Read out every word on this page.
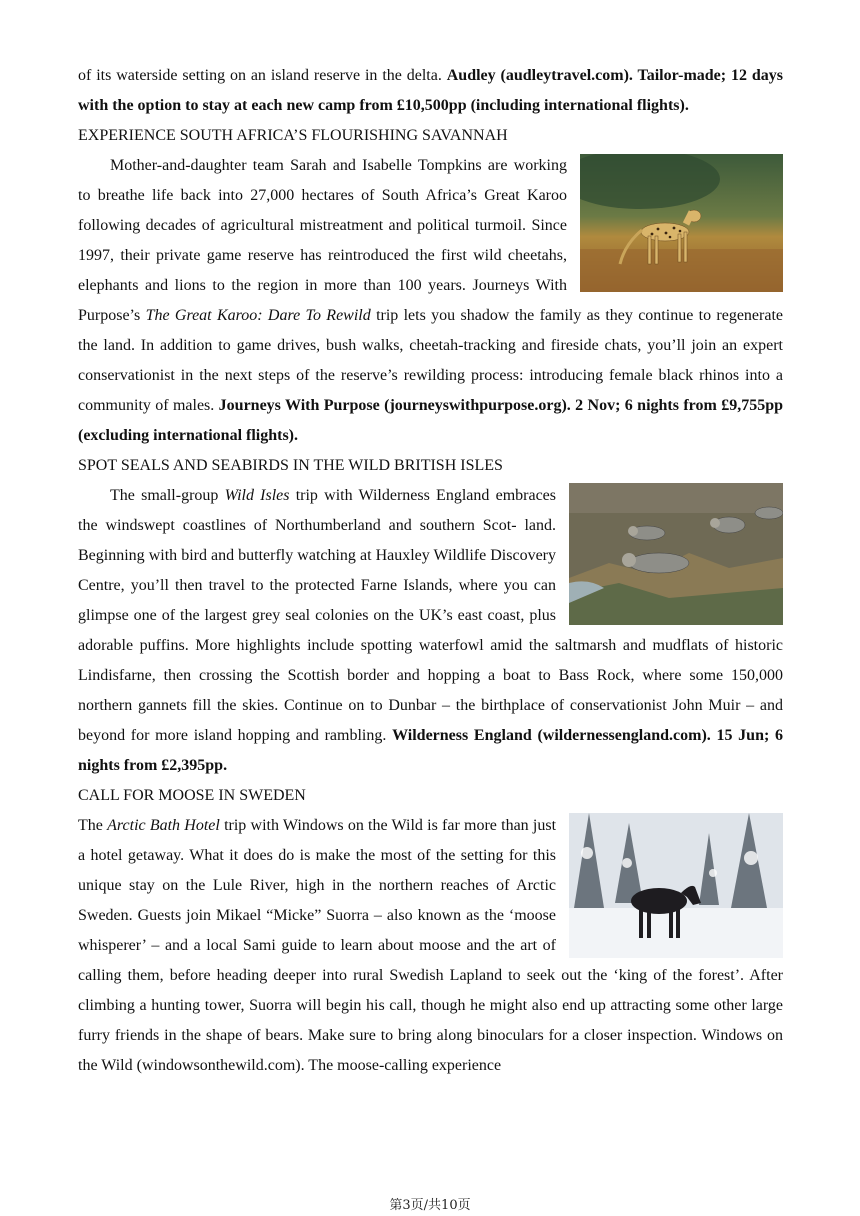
of its waterside setting on an island reserve in the delta. Audley (audleytravel.com). Tailor-made; 12 days with the option to stay at each new camp from £10,500pp (including international flights).

EXPERIENCE SOUTH AFRICA’S FLOURISHING SAVANNAH

Mother-and-daughter team Sarah and Isabelle Tompkins are working to breathe life back into 27,000 hectares of South Africa’s Great Karoo following decades of agricultural mistreatment and political turmoil. Since 1997, their private game reserve has reintroduced the first wild cheetahs, elephants and lions to the region in more than 100 years. Journeys With Purpose’s The Great Karoo: Dare To Rewild trip lets you shadow the family as they continue to regenerate the land. In addition to game drives, bush walks, cheetah-tracking and fireside chats, you’ll join an expert conservationist in the next steps of the reserve’s rewilding process: introducing female black rhinos into a community of males. Journeys With Purpose (journeyswithpurpose.org). 2 Nov; 6 nights from £9,755pp (excluding international flights).

SPOT SEALS AND SEABIRDS IN THE WILD BRITISH ISLES

The small-group Wild Isles trip with Wilderness England embraces the windswept coastlines of Northumberland and southern Scot- land. Beginning with bird and butterfly watching at Hauxley Wildlife Discovery Centre, you’ll then travel to the protected Farne Islands, where you can glimpse one of the largest grey seal colonies on the UK’s east coast, plus adorable puffins. More highlights include spotting waterfowl amid the saltmarsh and mudflats of historic Lindisfarne, then crossing the Scottish border and hopping a boat to Bass Rock, where some 150,000 northern gannets fill the skies. Continue on to Dunbar – the birthplace of conservationist John Muir – and beyond for more island hopping and rambling. Wilderness England (wildernessengland.com). 15 Jun; 6 nights from £2,395pp.

CALL FOR MOOSE IN SWEDEN

The Arctic Bath Hotel trip with Windows on the Wild is far more than just a hotel getaway. What it does do is make the most of the setting for this unique stay on the Lule River, high in the northern reaches of Arctic Sweden. Guests join Mikael “Micke” Suorra – also known as the ‘moose whisperer’ – and a local Sami guide to learn about moose and the art of calling them, before heading deeper into rural Swedish Lapland to seek out the ‘king of the forest’. After climbing a hunting tower, Suorra will begin his call, though he might also end up attracting some other large furry friends in the shape of bears. Make sure to bring along binoculars for a closer inspection. Windows on the Wild (windowsonthewild.com). The moose-calling experience

第3页/共10页
